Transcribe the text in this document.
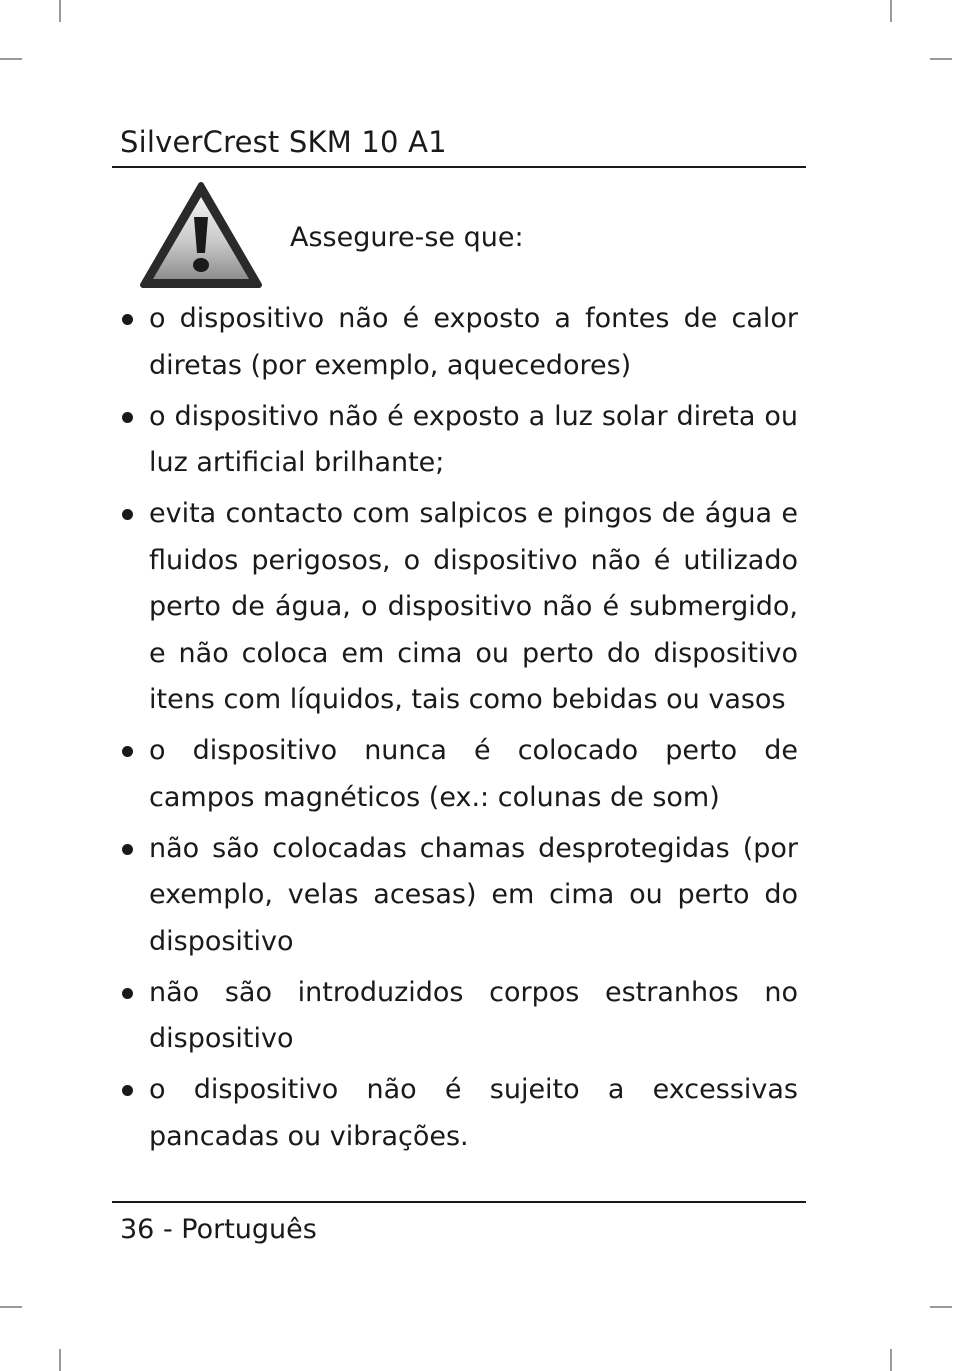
SilverCrest SKM 10 A1
Assegure-se que:
o dispositivo não é exposto a fontes de calor diretas (por exemplo, aquecedores)
o dispositivo não é exposto a luz solar direta ou luz artificial brilhante;
evita contacto com salpicos e pingos de água e fluidos perigosos, o dispositivo não é utilizado perto de água, o dispositivo não é submergido, e não coloca em cima ou perto do dispositivo itens com líquidos, tais como bebidas ou vasos
o dispositivo nunca é colocado perto de campos magnéticos (ex.: colunas de som)
não são colocadas chamas desprotegidas (por exemplo, velas acesas) em cima ou perto do dispositivo
não são introduzidos corpos estranhos no dispositivo
o dispositivo não é sujeito a excessivas pancadas ou vibrações.
36 - Português
